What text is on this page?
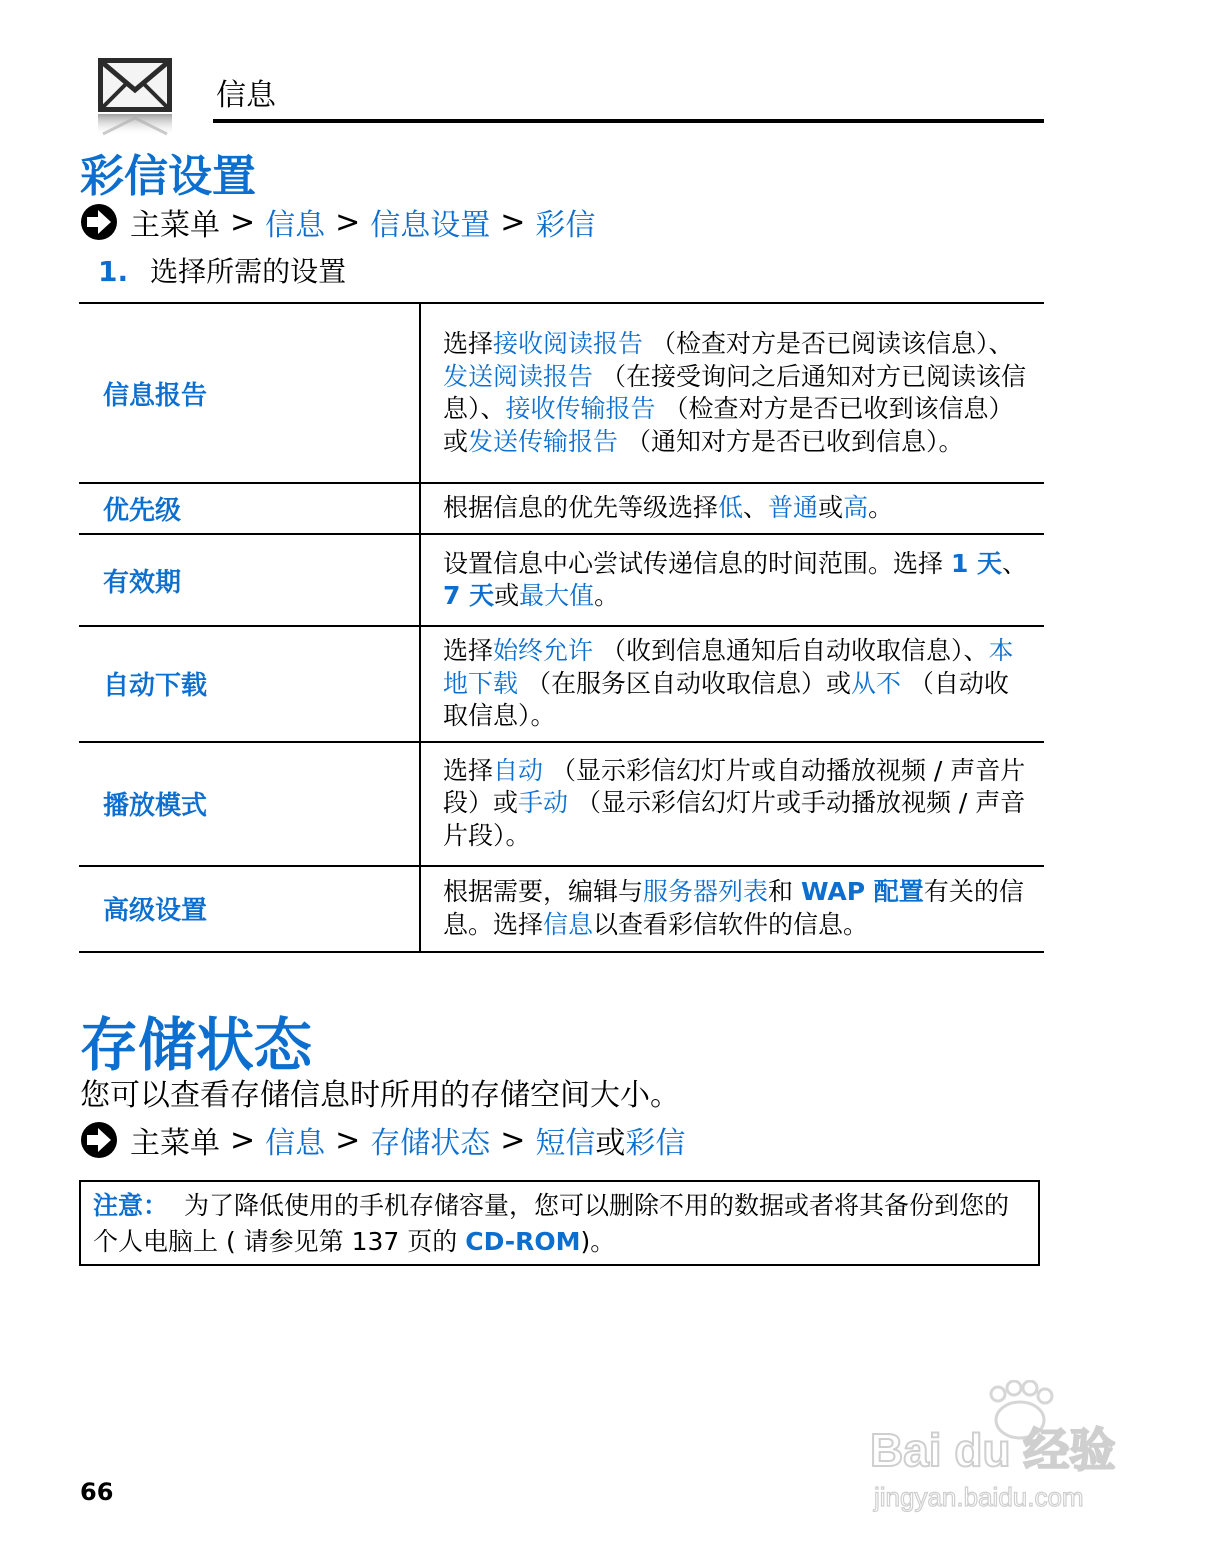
信息
彩信设置
主菜单 > 信息 > 信息设置 > 彩信
1. 选择所需的设置
信息报告	选择接收阅读报告 （检查对方是否已阅读该信息）、发送阅读报告 （在接受询问之后通知对方已阅读该信息）、接收传输报告 （检查对方是否已收到该信息）或发送传输报告 （通知对方是否已收到信息）。
优先级	根据信息的优先等级选择低、普通或高。
有效期	设置信息中心尝试传递信息的时间范围。选择 1 天、 7 天或最大值。
自动下载	选择始终允许 （收到信息通知后自动收取信息）、本地下载 （在服务区自动收取信息）或从不 （自动收取信息）。
播放模式	选择自动 （显示彩信幻灯片或自动播放视频 / 声音片段）或手动 （显示彩信幻灯片或手动播放视频 / 声音片段）。
高级设置	根据需要，编辑与服务器列表和 WAP 配置有关的信息。选择信息以查看彩信软件的信息。
存储状态
您可以查看存储信息时所用的存储空间大小。
主菜单 > 信息 > 存储状态 > 短信 或 彩信
注意： 为了降低使用的手机存储容量，您可以删除不用的数据或者将其备份到您的个人电脑上 ( 请参见第 137 页的 CD-ROM)。
66
Bai du 经验
jingyan.baidu.com
